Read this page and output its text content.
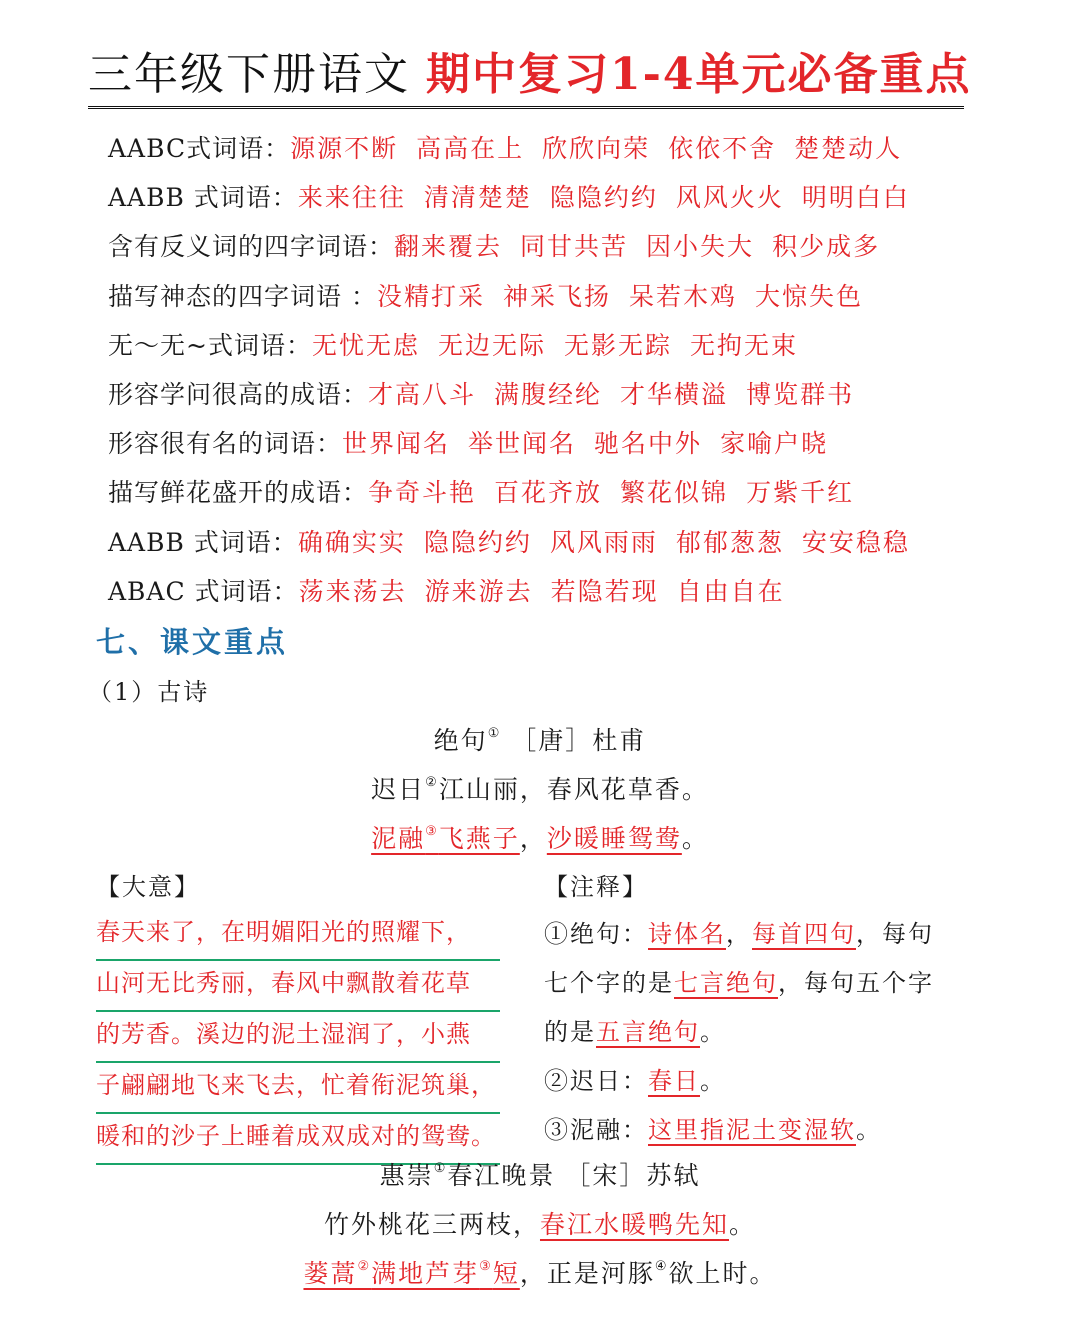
三年级下册语文 期中复习1-4单元必备重点
AABC式词语：源源不断 高高在上 欣欣向荣 依依不舍 楚楚动人
AABB 式词语：来来往往 清清楚楚 隐隐约约 风风火火 明明白白
含有反义词的四字词语：翻来覆去 同甘共苦 因小失大 积少成多
描写神态的四字词语 ：没精打采 神采飞扬 呆若木鸡 大惊失色
无～无~式词语：无忧无虑 无边无际 无影无踪 无拘无束
形容学问很高的成语：才高八斗 满腹经纶 才华横溢 博览群书
形容很有名的词语：世界闻名 举世闻名 驰名中外 家喻户晓
描写鲜花盛开的成语：争奇斗艳 百花齐放 繁花似锦 万紫千红
AABB 式词语：确确实实 隐隐约约 风风雨雨 郁郁葱葱 安安稳稳
ABAC 式词语：荡来荡去 游来游去 若隐若现 自由自在
七、课文重点
（1）古诗
绝句① ［唐］杜甫
迟日②江山丽，春风花草香。
泥融③飞燕子，沙暖睡鸳鸯。
【大意】
春天来了，在明媚阳光的照耀下，
山河无比秀丽，春风中飘散着花草
的芳香。溪边的泥土湿润了，小燕
子翩翩地飞来飞去，忙着衔泥筑巢，
暖和的沙子上睡着成双成对的鸳鸯。
【注释】
①绝句：诗体名，每首四句，每句
七个字的是七言绝句，每句五个字
的是五言绝句。
②迟日：春日。
③泥融：这里指泥土变湿软。
惠崇①春江晚景 ［宋］苏轼
竹外桃花三两枝，春江水暖鸭先知。
蒌蒿②满地芦芽③短，正是河豚④欲上时。
